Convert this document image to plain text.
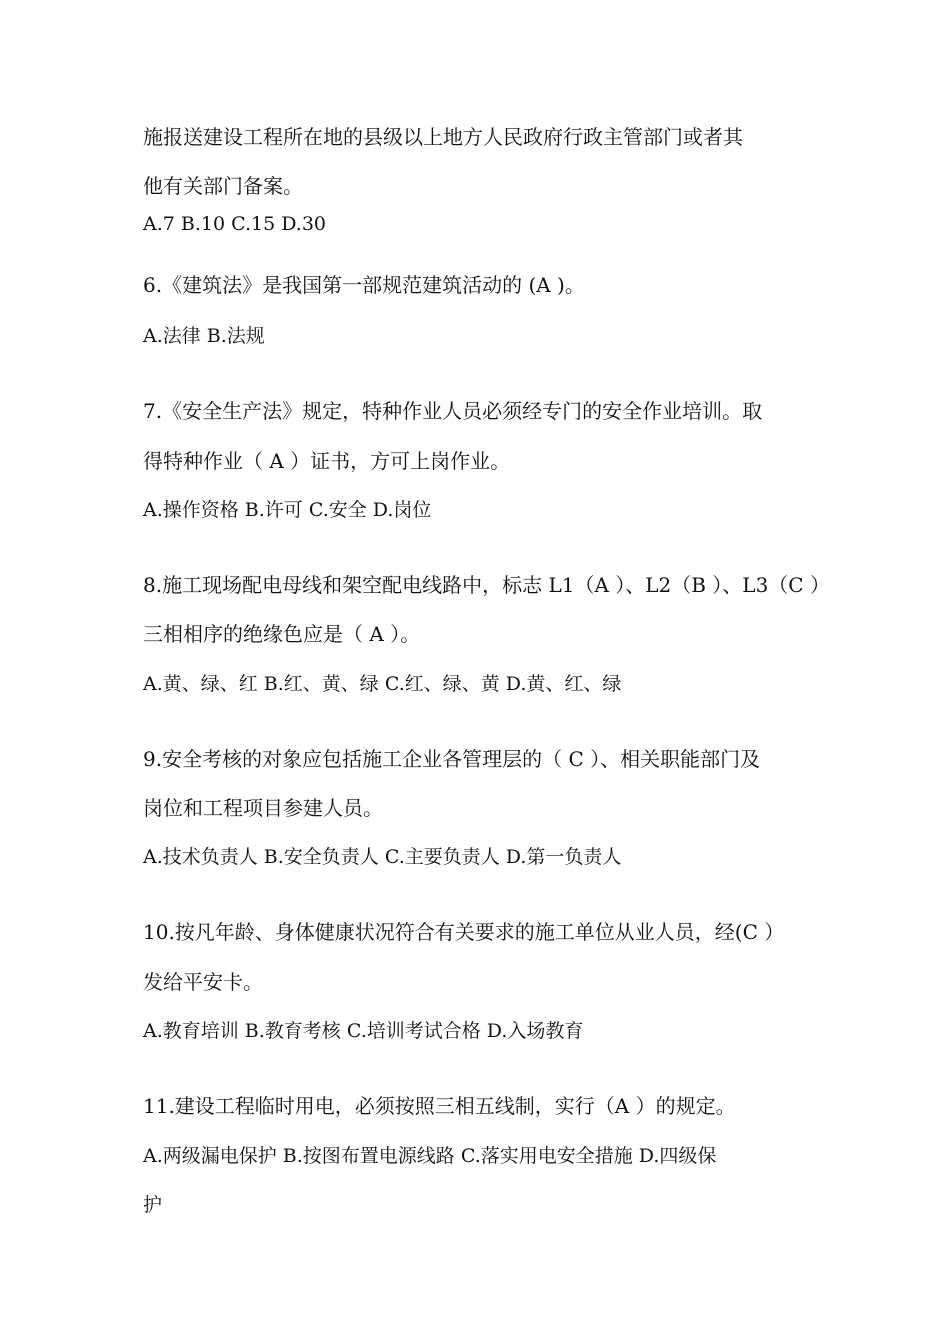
施报送建设工程所在地的县级以上地方人民政府行政主管部门或者其
他有关部门备案。
A.7 B.10 C.15 D.30
6.《建筑法》是我国第一部规范建筑活动的 (A )。
A.法律 B.法规
7.《安全生产法》规定，特种作业人员必须经专门的安全作业培训。取
得特种作业（ A ）证书，方可上岗作业。
A.操作资格 B.许可 C.安全 D.岗位
8.施工现场配电母线和架空配电线路中，标志 L1（A ）、L2（B ）、L3（C ）
三相相序的绝缘色应是（ A ）。
A.黄、绿、红 B.红、黄、绿 C.红、绿、黄 D.黄、红、绿
9.安全考核的对象应包括施工企业各管理层的（ C ）、相关职能部门及
岗位和工程项目参建人员。
A.技术负责人 B.安全负责人 C.主要负责人 D.第一负责人
10.按凡年龄、身体健康状况符合有关要求的施工单位从业人员，经(C ）
发给平安卡。
A.教育培训 B.教育考核 C.培训考试合格 D.入场教育
11.建设工程临时用电，必须按照三相五线制，实行（A ）的规定。
A.两级漏电保护 B.按图布置电源线路 C.落实用电安全措施 D.四级保
护
